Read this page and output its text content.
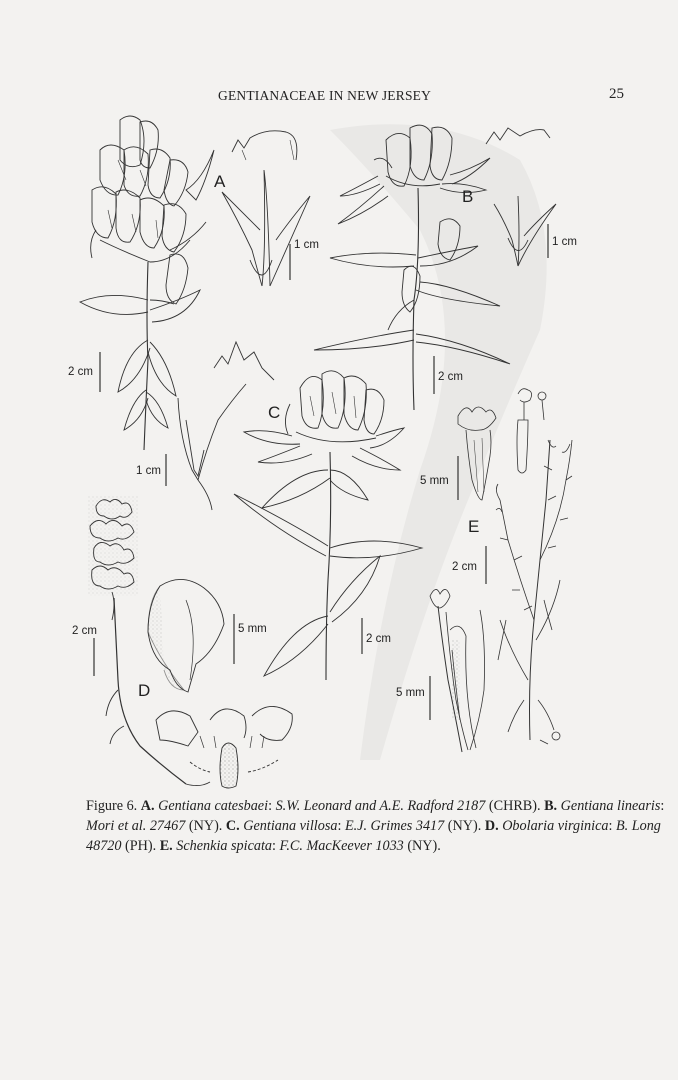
GENTIANACEAE IN NEW JERSEY	25
A
B
C
D
E
1 cm
2 cm
1 cm
1 cm
2 cm
2 cm
2 cm	5 mm
5 mm
2 cm
5 mm
Figure 6. A. Gentiana catesbaei: S.W. Leonard and A.E. Radford 2187 (CHRB). B. Gentiana linearis: Mori et al. 27467 (NY). C. Gentiana villosa: E.J. Grimes 3417 (NY). D. Obolaria virginica: B. Long 48720 (PH). E. Schenkia spicata: F.C. MacKeever 1033 (NY).
